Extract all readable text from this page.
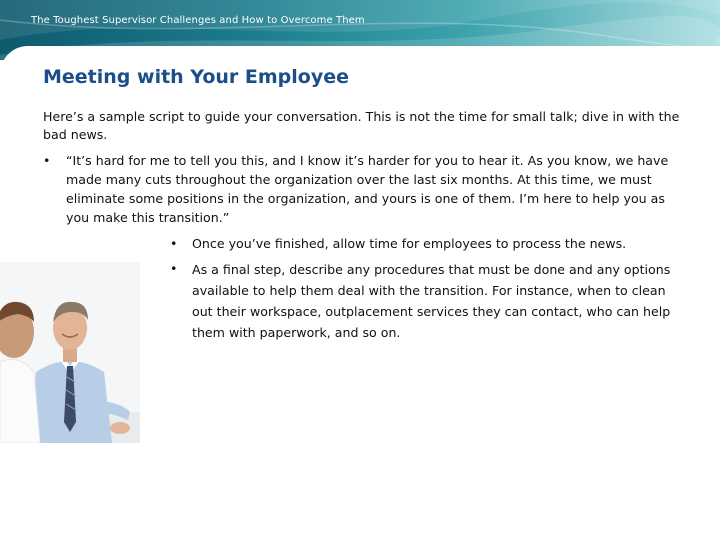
The Toughest Supervisor Challenges and How to Overcome Them
Meeting with Your Employee
Here’s a sample script to guide your conversation. This is not the time for small talk; dive in with the bad news.
• “It’s hard for me to tell you this, and I know it’s harder for you to hear it. As you know, we have made many cuts throughout the organization over the last six months. At this time, we must eliminate some positions in the organization, and yours is one of them. I’m here to help you as you make this transition.”
• Once you’ve finished, allow time for employees to process the news.
• As a final step, describe any procedures that must be done and any options available to help them deal with the transition. For instance, when to clean out their workspace, outplacement services they can contact, who can help them with paperwork, and so on.
